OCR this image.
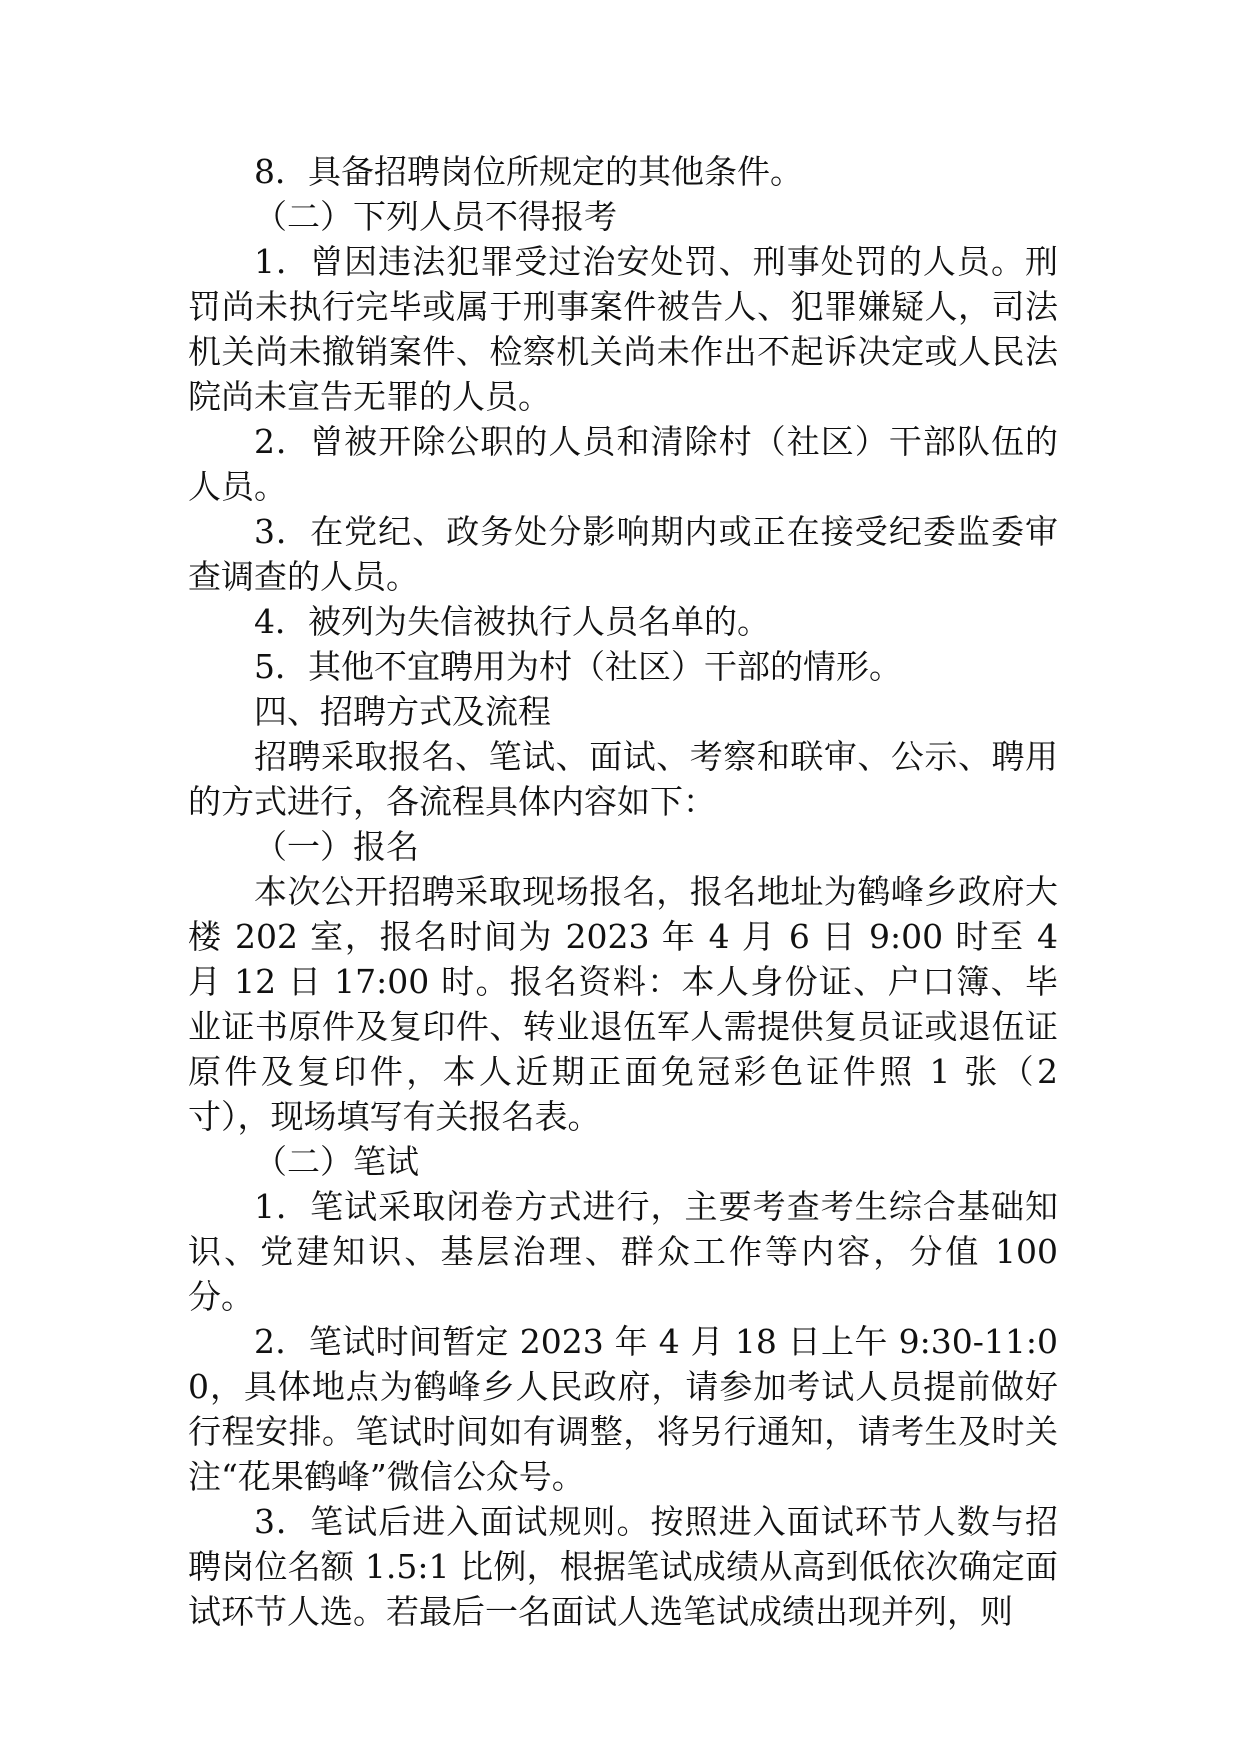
8．具备招聘岗位所规定的其他条件。

（二）下列人员不得报考

1．曾因违法犯罪受过治安处罚、刑事处罚的人员。刑罚尚未执行完毕或属于刑事案件被告人、犯罪嫌疑人，司法机关尚未撤销案件、检察机关尚未作出不起诉决定或人民法院尚未宣告无罪的人员。

2．曾被开除公职的人员和清除村（社区）干部队伍的人员。

3．在党纪、政务处分影响期内或正在接受纪委监委审查调查的人员。

4．被列为失信被执行人员名单的。

5．其他不宜聘用为村（社区）干部的情形。

四、招聘方式及流程

招聘采取报名、笔试、面试、考察和联审、公示、聘用的方式进行，各流程具体内容如下：

（一）报名

本次公开招聘采取现场报名，报名地址为鹤峰乡政府大楼 202 室，报名时间为 2023 年 4 月 6 日 9:00 时至 4 月 12 日 17:00 时。报名资料：本人身份证、户口簿、毕业证书原件及复印件、转业退伍军人需提供复员证或退伍证原件及复印件，本人近期正面免冠彩色证件照 1 张（2 寸），现场填写有关报名表。

（二）笔试

1．笔试采取闭卷方式进行，主要考查考生综合基础知识、党建知识、基层治理、群众工作等内容，分值 100 分。

2．笔试时间暂定 2023 年 4 月 18 日上午 9:30-11:00，具体地点为鹤峰乡人民政府，请参加考试人员提前做好行程安排。笔试时间如有调整，将另行通知，请考生及时关注“花果鹤峰”微信公众号。

3．笔试后进入面试规则。按照进入面试环节人数与招聘岗位名额 1.5:1 比例，根据笔试成绩从高到低依次确定面试环节人选。若最后一名面试人选笔试成绩出现并列，则
